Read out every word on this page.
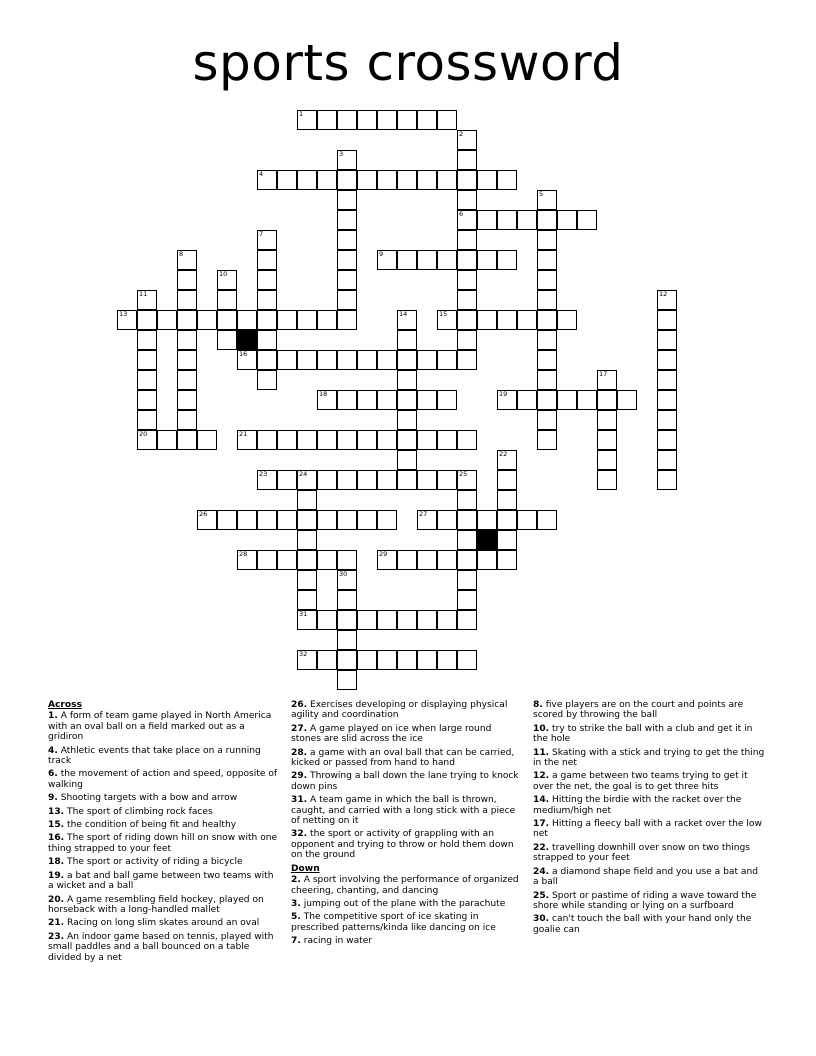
sports crossword
1
2
3
4
5
6
7
8	9
10
11	12
13	14	15
16
17
18	19
20	21
22
23	24	25
26	27
28	29
30
31
32
Across
1. A form of team game played in North America with an oval ball on a field marked out as a gridiron
4. Athletic events that take place on a running track
6. the movement of action and speed, opposite of walking
9. Shooting targets with a bow and arrow
13. The sport of climbing rock faces
15. the condition of being fit and healthy
16. The sport of riding down hill on snow with one thing strapped to your feet
18. The sport or activity of riding a bicycle
19. a bat and ball game between two teams with a wicket and a ball
20. A game resembling field hockey, played on horseback with a long-handled mallet
21. Racing on long slim skates around an oval
23. An indoor game based on tennis, played with small paddles and a ball bounced on a table divided by a net
26. Exercises developing or displaying physical agility and coordination
27. A game played on ice when large round stones are slid across the ice
28. a game with an oval ball that can be carried, kicked or passed from hand to hand
29. Throwing a ball down the lane trying to knock down pins
31. A team game in which the ball is thrown, caught, and carried with a long stick with a piece of netting on it
32. the sport or activity of grappling with an opponent and trying to throw or hold them down on the ground
Down
2. A sport involving the performance of organized cheering, chanting, and dancing
3. jumping out of the plane with the parachute
5. The competitive sport of ice skating in prescribed patterns/kinda like dancing on ice
7. racing in water
8. five players are on the court and points are scored by throwing the ball
10. try to strike the ball with a club and get it in the hole
11. Skating with a stick and trying to get the thing in the net
12. a game between two teams trying to get it over the net, the goal is to get three hits
14. Hitting the birdie with the racket over the medium/high net
17. Hitting a fleecy ball with a racket over the low net
22. travelling downhill over snow on two things strapped to your feet
24. a diamond shape field and you use a bat and a ball
25. Sport or pastime of riding a wave toward the shore while standing or lying on a surfboard
30. can't touch the ball with your hand only the goalie can
